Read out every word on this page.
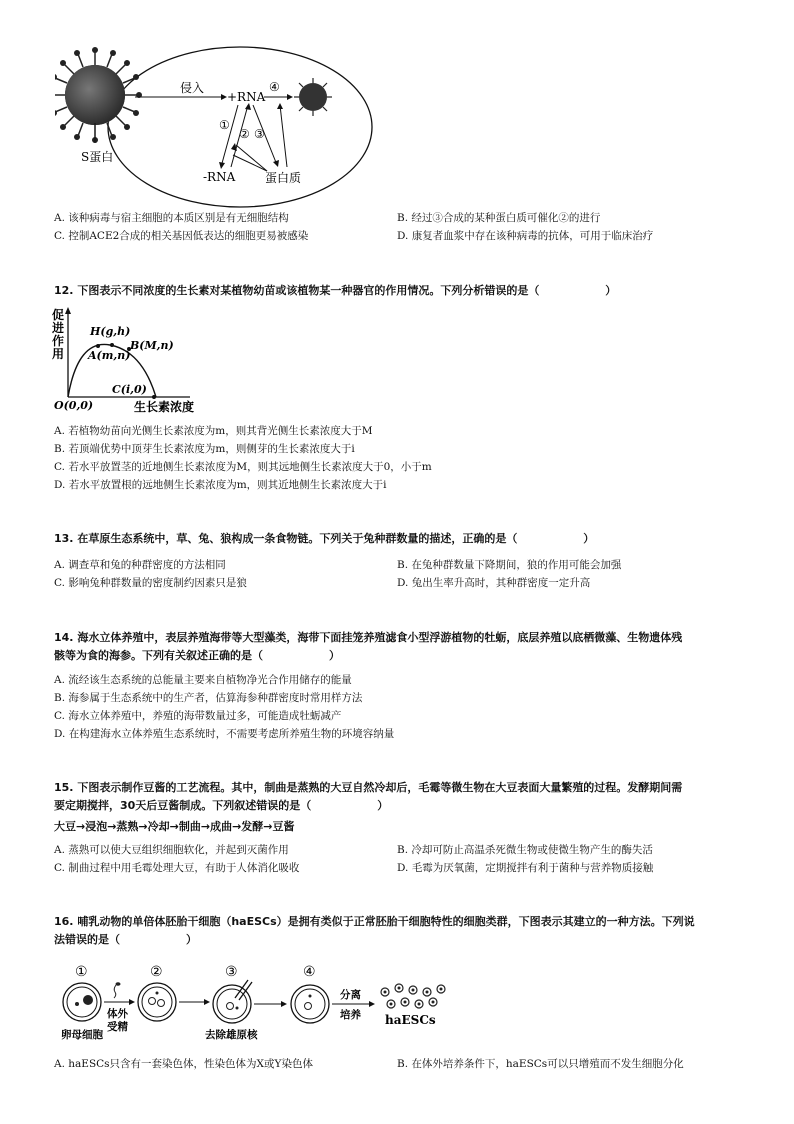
S蛋白
侵入
+RNA
④
①
② ③
-RNA 蛋白质
A. 该种病毒与宿主细胞的本质区别是有无细胞结构	B. 经过③合成的某种蛋白质可催化②的进行
C. 控制ACE2合成的相关基因低表达的细胞更易被感染	D. 康复者血浆中存在该种病毒的抗体，可用于临床治疗
12. 下图表示不同浓度的生长素对某植物幼苗或该植物某一种器官的作用情况。下列分析错误的是（　　　　　　）
促 进 作 用
H(g,h)
A(m,n)
B(M,n)
C(i,0)
O(0,0)	生长素浓度
A. 若植物幼苗向光侧生长素浓度为m，则其背光侧生长素浓度大于M
B. 若顶端优势中顶芽生长素浓度为m，则侧芽的生长素浓度大于i
C. 若水平放置茎的近地侧生长素浓度为M，则其远地侧生长素浓度大于0，小于m
D. 若水平放置根的远地侧生长素浓度为m，则其近地侧生长素浓度大于i
13. 在草原生态系统中，草、兔、狼构成一条食物链。下列关于兔种群数量的描述，正确的是（　　　　　　）
A. 调查草和兔的种群密度的方法相同	B. 在兔种群数量下降期间，狼的作用可能会加强
C. 影响兔种群数量的密度制约因素只是狼	D. 兔出生率升高时，其种群密度一定升高
14. 海水立体养殖中，表层养殖海带等大型藻类，海带下面挂笼养殖滤食小型浮游植物的牡蛎，底层养殖以底栖微藻、生物遗体残
骸等为食的海参。下列有关叙述正确的是（　　　　　　）
A. 流经该生态系统的总能量主要来自植物净光合作用储存的能量
B. 海参属于生态系统中的生产者，估算海参种群密度时常用样方法
C. 海水立体养殖中，养殖的海带数量过多，可能造成牡蛎减产
D. 在构建海水立体养殖生态系统时，不需要考虑所养殖生物的环境容纳量
15. 下图表示制作豆酱的工艺流程。其中，制曲是蒸熟的大豆自然冷却后，毛霉等微生物在大豆表面大量繁殖的过程。发酵期间需
要定期搅拌，30天后豆酱制成。下列叙述错误的是（　　　　　　）
大豆→浸泡→蒸熟→冷却→制曲→成曲→发酵→豆酱
A. 蒸熟可以使大豆组织细胞软化，并起到灭菌作用	B. 冷却可防止高温杀死微生物或使微生物产生的酶失活
C. 制曲过程中用毛霉处理大豆，有助于人体消化吸收	D. 毛霉为厌氧菌，定期搅拌有利于菌种与营养物质接触
16. 哺乳动物的单倍体胚胎干细胞（haESCs）是拥有类似于正常胚胎干细胞特性的细胞类群，下图表示其建立的一种方法。下列说
法错误的是（　　　　　　）
①	②	③	④
卵母细胞
体外
受精
去除雄原核
分离
培养 haESCs
A. haESCs只含有一套染色体，性染色体为X或Y染色体	B. 在体外培养条件下，haESCs可以只增殖而不发生细胞分化
